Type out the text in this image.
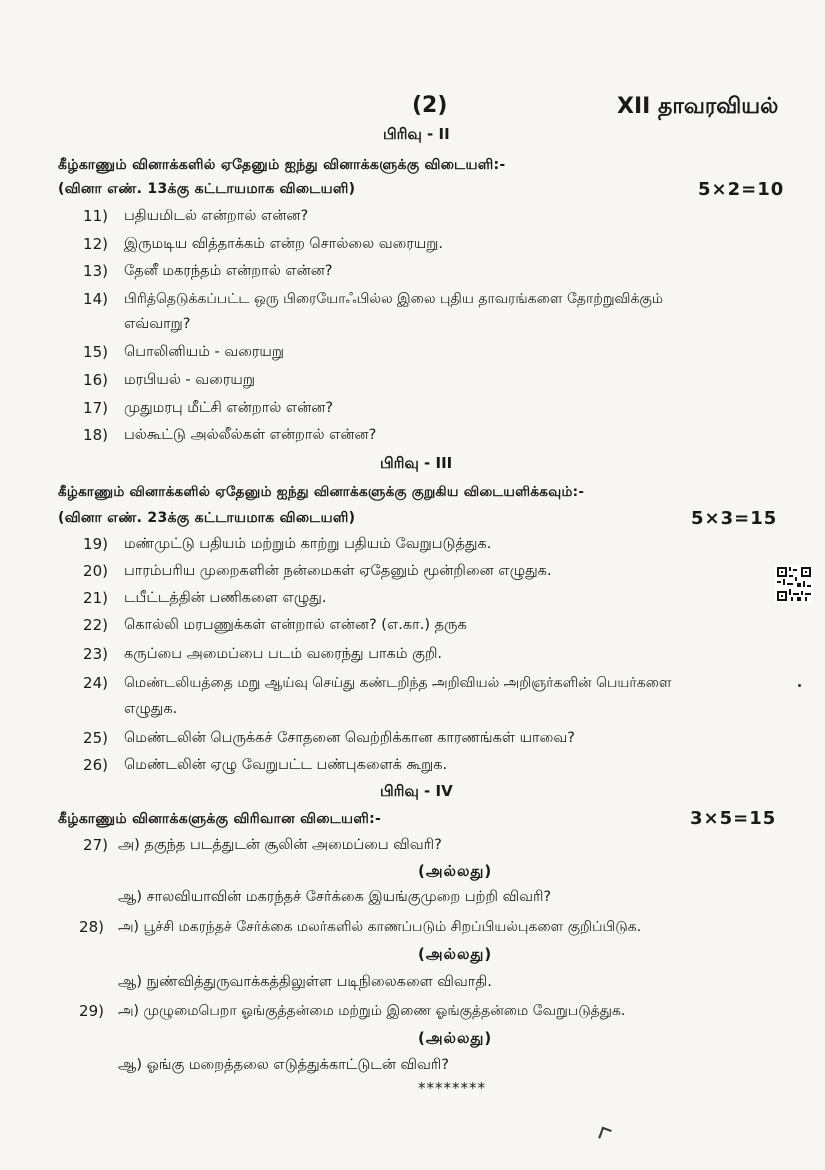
(2)	XII தாவரவியல்
பிரிவு - II
கீழ்காணும் வினாக்களில் ஏதேனும் ஐந்து வினாக்களுக்கு விடையளி:-
(வினா எண். 13க்கு கட்டாயமாக விடையளி)	5×2=10
11) பதியமிடல் என்றால் என்ன?
12) இருமடிய வித்தாக்கம் என்ற சொல்லை வரையறு.
13) தேனீ மகரந்தம் என்றால் என்ன?
14) பிரித்தெடுக்கப்பட்ட ஒரு பிரையோஃபில்ல இலை புதிய தாவரங்களை தோற்றுவிக்கும்
எவ்வாறு?
15) பொலினியம் - வரையறு
16) மரபியல் - வரையறு
17) முதுமரபு மீட்சி என்றால் என்ன?
18) பல்கூட்டு அல்லீல்கள் என்றால் என்ன?
பிரிவு - III
கீழ்காணும் வினாக்களில் ஏதேனும் ஐந்து வினாக்களுக்கு குறுகிய விடையளிக்கவும்:-
(வினா எண். 23க்கு கட்டாயமாக விடையளி)	5×3=15
19) மண்முட்டு பதியம் மற்றும் காற்று பதியம் வேறுபடுத்துக.
20) பாரம்பரிய முறைகளின் நன்மைகள் ஏதேனும் மூன்றினை எழுதுக.
21) டபீட்டத்தின் பணிகளை எழுது.
22) கொல்லி மரபணுக்கள் என்றால் என்ன? (எ.கா.) தருக
23) கருப்பை அமைப்பை படம் வரைந்து பாகம் குறி.
24) மெண்டலியத்தை மறு ஆய்வு செய்து கண்டறிந்த அறிவியல் அறிஞர்களின் பெயர்களை
எழுதுக.
25) மெண்டலின் பெருக்கச் சோதனை வெற்றிக்கான காரணங்கள் யாவை?
26) மெண்டலின் ஏழு வேறுபட்ட பண்புகளைக் கூறுக.
பிரிவு - IV
கீழ்காணும் வினாக்களுக்கு விரிவான விடையளி:-	3×5=15
27) அ) தகுந்த படத்துடன் சூலின் அமைப்பை விவரி?
(அல்லது)
ஆ) சாலவியாவின் மகரந்தச் சேர்க்கை இயங்குமுறை பற்றி விவரி?
28) அ) பூச்சி மகரந்தச் சேர்க்கை மலர்களில் காணப்படும் சிறப்பியல்புகளை குறிப்பிடுக.
(அல்லது)
ஆ) நுண்வித்துருவாக்கத்திலுள்ள படிநிலைகளை விவாதி.
29) அ) முழுமைபெறா ஓங்குத்தன்மை மற்றும் இணை ஓங்குத்தன்மை வேறுபடுத்துக.
(அல்லது)
ஆ) ஓங்கு மறைத்தலை எடுத்துக்காட்டுடன் விவரி?
********
